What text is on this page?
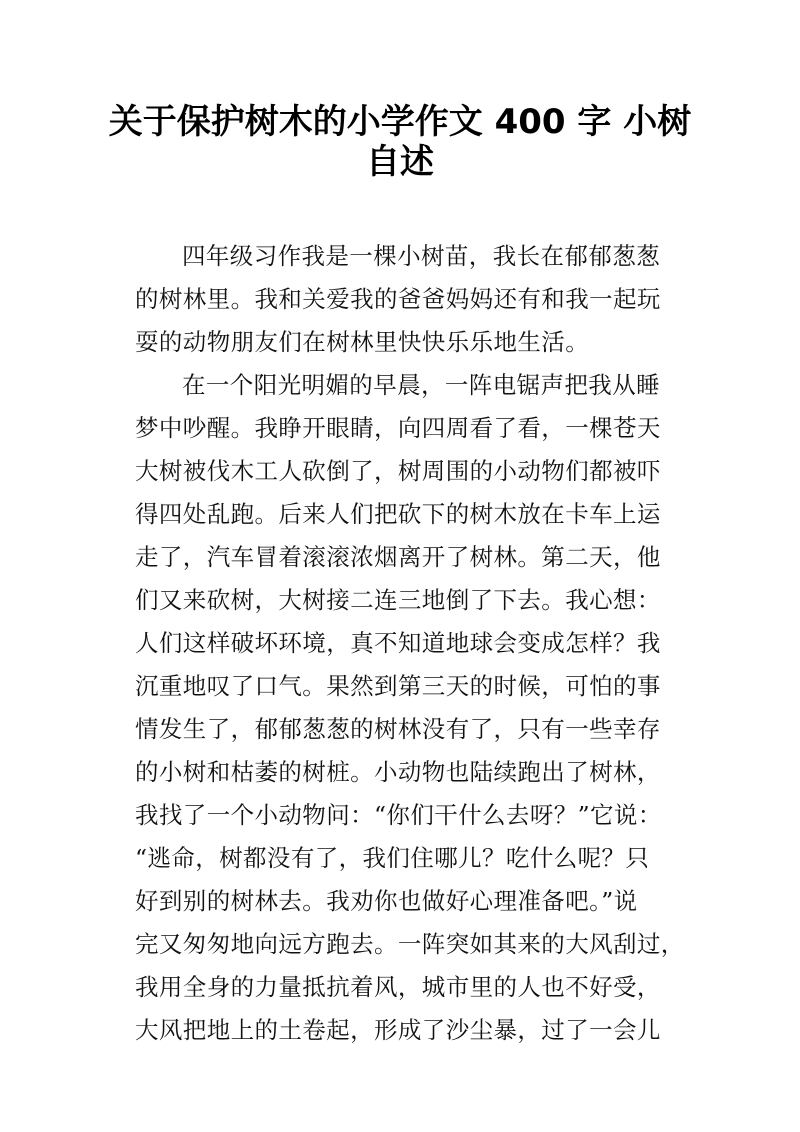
关于保护树木的小学作文 400 字 小树
自述
四年级习作我是一棵小树苗，我长在郁郁葱葱
的树林里。我和关爱我的爸爸妈妈还有和我一起玩
耍的动物朋友们在树林里快快乐乐地生活。
在一个阳光明媚的早晨，一阵电锯声把我从睡
梦中吵醒。我睁开眼睛，向四周看了看，一棵苍天
大树被伐木工人砍倒了，树周围的小动物们都被吓
得四处乱跑。后来人们把砍下的树木放在卡车上运
走了，汽车冒着滚滚浓烟离开了树林。第二天，他
们又来砍树，大树接二连三地倒了下去。我心想：
人们这样破坏环境，真不知道地球会变成怎样？我
沉重地叹了口气。果然到第三天的时候，可怕的事
情发生了，郁郁葱葱的树林没有了，只有一些幸存
的小树和枯萎的树桩。小动物也陆续跑出了树林，
我找了一个小动物问：“你们干什么去呀？”它说：
“逃命，树都没有了，我们住哪儿？吃什么呢？只
好到别的树林去。我劝你也做好心理准备吧。”说
完又匆匆地向远方跑去。一阵突如其来的大风刮过，
我用全身的力量抵抗着风，城市里的人也不好受，
大风把地上的土卷起，形成了沙尘暴，过了一会儿
